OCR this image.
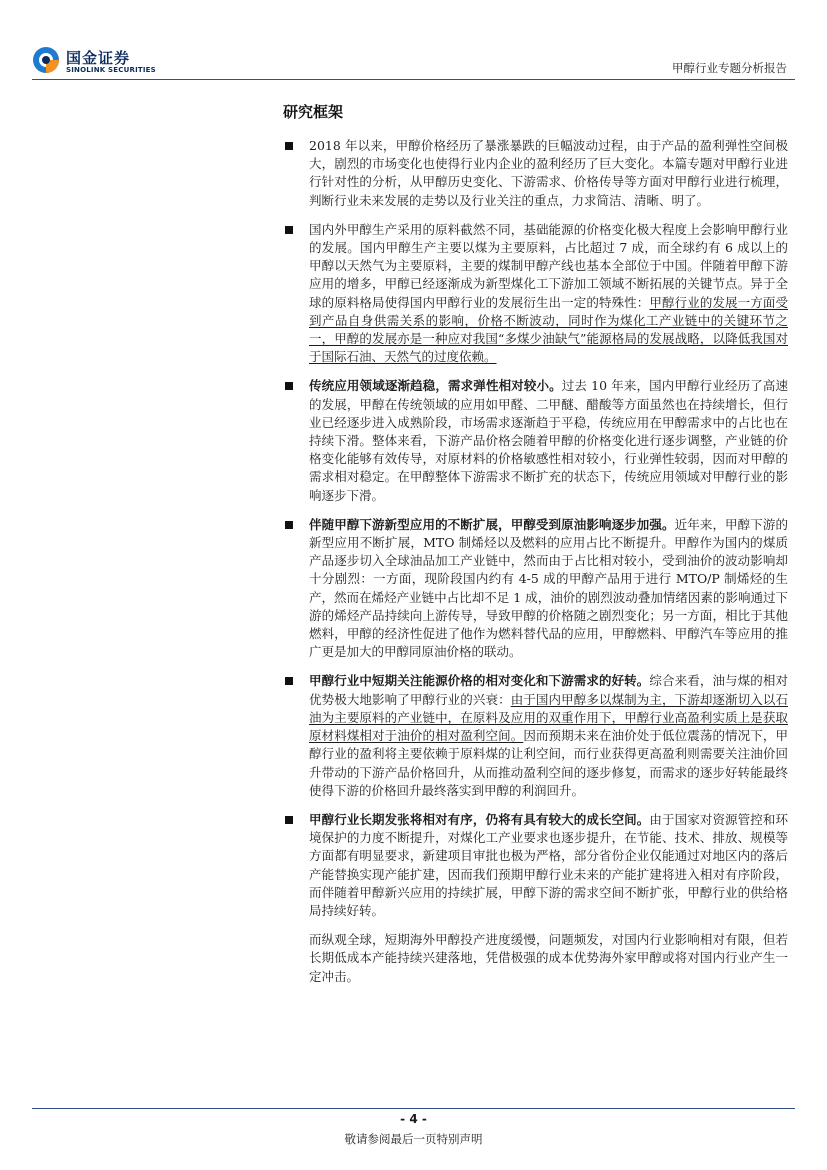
国金证券
SINOLINK SECURITIES	甲醇行业专题分析报告
研究框架
2018 年以来，甲醇价格经历了暴涨暴跌的巨幅波动过程，由于产品的盈利弹性空间极大，剧烈的市场变化也使得行业内企业的盈利经历了巨大变化。本篇专题对甲醇行业进行针对性的分析，从甲醇历史变化、下游需求、价格传导等方面对甲醇行业进行梳理，判断行业未来发展的走势以及行业关注的重点，力求简洁、清晰、明了。
国内外甲醇生产采用的原料截然不同，基础能源的价格变化极大程度上会影响甲醇行业的发展。国内甲醇生产主要以煤为主要原料，占比超过 7 成，而全球约有 6 成以上的甲醇以天然气为主要原料，主要的煤制甲醇产线也基本全部位于中国。伴随着甲醇下游应用的增多，甲醇已经逐渐成为新型煤化工下游加工领域不断拓展的关键节点。异于全球的原料格局使得国内甲醇行业的发展衍生出一定的特殊性：甲醇行业的发展一方面受到产品自身供需关系的影响，价格不断波动，同时作为煤化工产业链中的关键环节之一，甲醇的发展亦是一种应对我国“多煤少油缺气”能源格局的发展战略，以降低我国对于国际石油、天然气的过度依赖。
传统应用领域逐渐趋稳，需求弹性相对较小。过去 10 年来，国内甲醇行业经历了高速的发展，甲醇在传统领域的应用如甲醛、二甲醚、醋酸等方面虽然也在持续增长，但行业已经逐步进入成熟阶段，市场需求逐渐趋于平稳，传统应用在甲醇需求中的占比也在持续下滑。整体来看，下游产品价格会随着甲醇的价格变化进行逐步调整，产业链的价格变化能够有效传导，对原材料的价格敏感性相对较小，行业弹性较弱，因而对甲醇的需求相对稳定。在甲醇整体下游需求不断扩充的状态下，传统应用领域对甲醇行业的影响逐步下滑。
伴随甲醇下游新型应用的不断扩展，甲醇受到原油影响逐步加强。近年来，甲醇下游的新型应用不断扩展，MTO 制烯烃以及燃料的应用占比不断提升。甲醇作为国内的煤质产品逐步切入全球油品加工产业链中，然而由于占比相对较小，受到油价的波动影响却十分剧烈：一方面，现阶段国内约有 4-5 成的甲醇产品用于进行 MTO/P 制烯烃的生产，然而在烯烃产业链中占比却不足 1 成，油价的剧烈波动叠加情绪因素的影响通过下游的烯烃产品持续向上游传导，导致甲醇的价格随之剧烈变化；另一方面，相比于其他燃料，甲醇的经济性促进了他作为燃料替代品的应用，甲醇燃料、甲醇汽车等应用的推广更是加大的甲醇同原油价格的联动。
甲醇行业中短期关注能源价格的相对变化和下游需求的好转。综合来看，油与煤的相对优势极大地影响了甲醇行业的兴衰：由于国内甲醇多以煤制为主，下游却逐渐切入以石油为主要原料的产业链中，在原料及应用的双重作用下，甲醇行业高盈利实质上是获取原材料煤相对于油价的相对盈利空间。因而预期未来在油价处于低位震荡的情况下，甲醇行业的盈利将主要依赖于原料煤的让利空间，而行业获得更高盈利则需要关注油价回升带动的下游产品价格回升，从而推动盈利空间的逐步修复，而需求的逐步好转能最终使得下游的价格回升最终落实到甲醇的利润回升。
甲醇行业长期发张将相对有序，仍将有具有较大的成长空间。由于国家对资源管控和环境保护的力度不断提升，对煤化工产业要求也逐步提升，在节能、技术、排放、规模等方面都有明显要求，新建项目审批也极为严格，部分省份企业仅能通过对地区内的落后产能替换实现产能扩建，因而我们预期甲醇行业未来的产能扩建将进入相对有序阶段，而伴随着甲醇新兴应用的持续扩展，甲醇下游的需求空间不断扩张，甲醇行业的供给格局持续好转。
而纵观全球，短期海外甲醇投产进度缓慢，问题频发，对国内行业影响相对有限，但若长期低成本产能持续兴建落地，凭借极强的成本优势海外家甲醇或将对国内行业产生一定冲击。
- 4 -
敬请参阅最后一页特别声明
